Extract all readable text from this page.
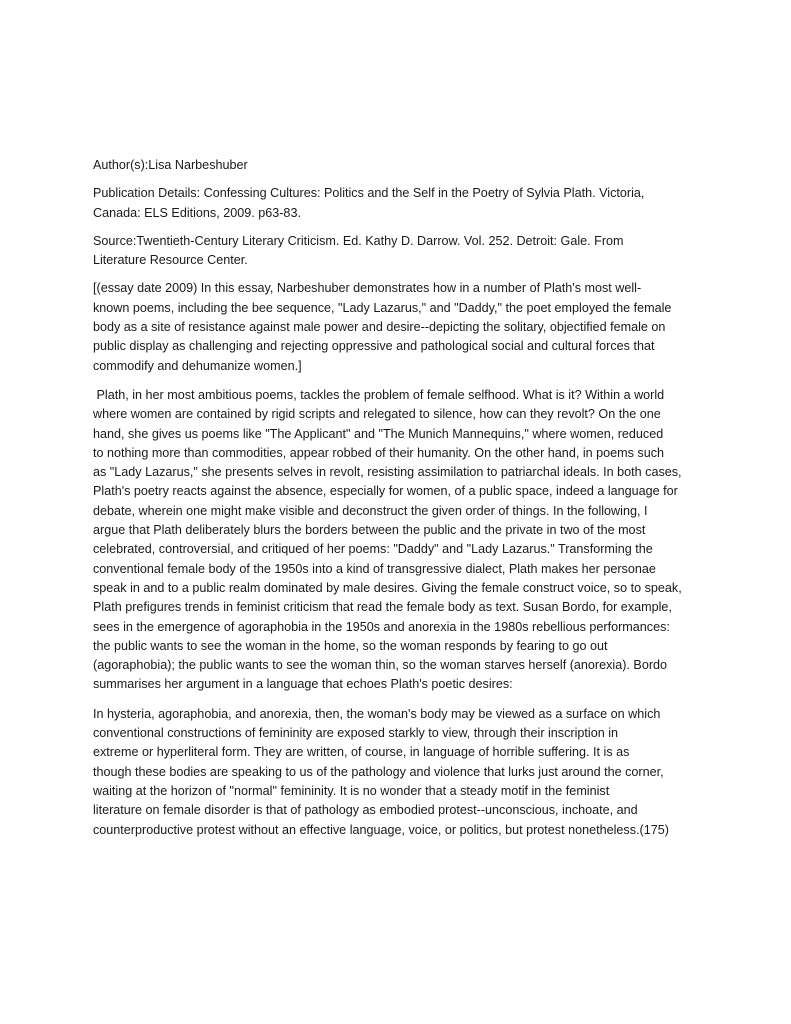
Author(s):Lisa Narbeshuber

Publication Details: Confessing Cultures: Politics and the Self in the Poetry of Sylvia Plath. Victoria,
Canada: ELS Editions, 2009. p63-83.

Source:Twentieth-Century Literary Criticism. Ed. Kathy D. Darrow. Vol. 252. Detroit: Gale. From
Literature Resource Center.

[(essay date 2009) In this essay, Narbeshuber demonstrates how in a number of Plath's most well-
known poems, including the bee sequence, "Lady Lazarus," and "Daddy," the poet employed the female
body as a site of resistance against male power and desire--depicting the solitary, objectified female on
public display as challenging and rejecting oppressive and pathological social and cultural forces that
commodify and dehumanize women.]

Plath, in her most ambitious poems, tackles the problem of female selfhood. What is it? Within a world
where women are contained by rigid scripts and relegated to silence, how can they revolt? On the one
hand, she gives us poems like "The Applicant" and "The Munich Mannequins," where women, reduced
to nothing more than commodities, appear robbed of their humanity. On the other hand, in poems such
as "Lady Lazarus," she presents selves in revolt, resisting assimilation to patriarchal ideals. In both cases,
Plath's poetry reacts against the absence, especially for women, of a public space, indeed a language for
debate, wherein one might make visible and deconstruct the given order of things. In the following, I
argue that Plath deliberately blurs the borders between the public and the private in two of the most
celebrated, controversial, and critiqued of her poems: "Daddy" and "Lady Lazarus." Transforming the
conventional female body of the 1950s into a kind of transgressive dialect, Plath makes her personae
speak in and to a public realm dominated by male desires. Giving the female construct voice, so to speak,
Plath prefigures trends in feminist criticism that read the female body as text. Susan Bordo, for example,
sees in the emergence of agoraphobia in the 1950s and anorexia in the 1980s rebellious performances:
the public wants to see the woman in the home, so the woman responds by fearing to go out
(agoraphobia); the public wants to see the woman thin, so the woman starves herself (anorexia). Bordo
summarises her argument in a language that echoes Plath's poetic desires:

In hysteria, agoraphobia, and anorexia, then, the woman's body may be viewed as a surface on which
conventional constructions of femininity are exposed starkly to view, through their inscription in
extreme or hyperliteral form. They are written, of course, in language of horrible suffering. It is as
though these bodies are speaking to us of the pathology and violence that lurks just around the corner,
waiting at the horizon of "normal" femininity. It is no wonder that a steady motif in the feminist
literature on female disorder is that of pathology as embodied protest--unconscious, inchoate, and
counterproductive protest without an effective language, voice, or politics, but protest nonetheless.(175)
